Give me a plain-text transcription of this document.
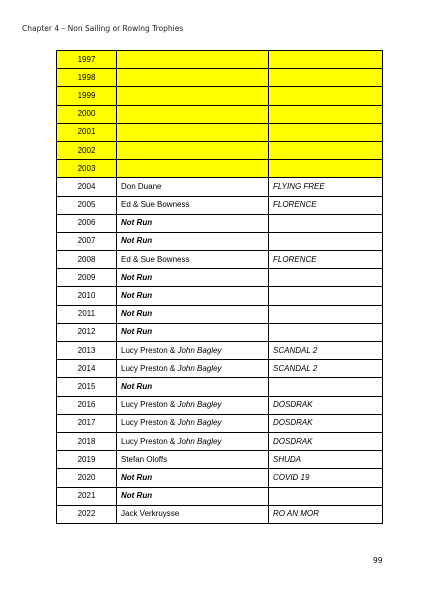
Chapter 4 – Non Sailing or Rowing Trophies
1997		
1998		
1999		
2000		
2001		
2002		
2003		
2004	Don Duane	FLYING FREE
2005	Ed & Sue Bowness	FLORENCE
2006	Not Run	
2007	Not Run	
2008	Ed & Sue Bowness	FLORENCE
2009	Not Run	
2010	Not Run	
2011	Not Run	
2012	Not Run	
2013	Lucy Preston & John Bagley	SCANDAL 2
2014	Lucy Preston & John Bagley	SCANDAL 2
2015	Not Run	
2016	Lucy Preston & John Bagley	DOSDRAK
2017	Lucy Preston & John Bagley	DOSDRAK
2018	Lucy Preston & John Bagley	DOSDRAK
2019	Stefan Oloffs	SHUDA
2020	Not Run	COVID 19
2021	Not Run	
2022	Jack Verkruysse	RO AN MOR
99
